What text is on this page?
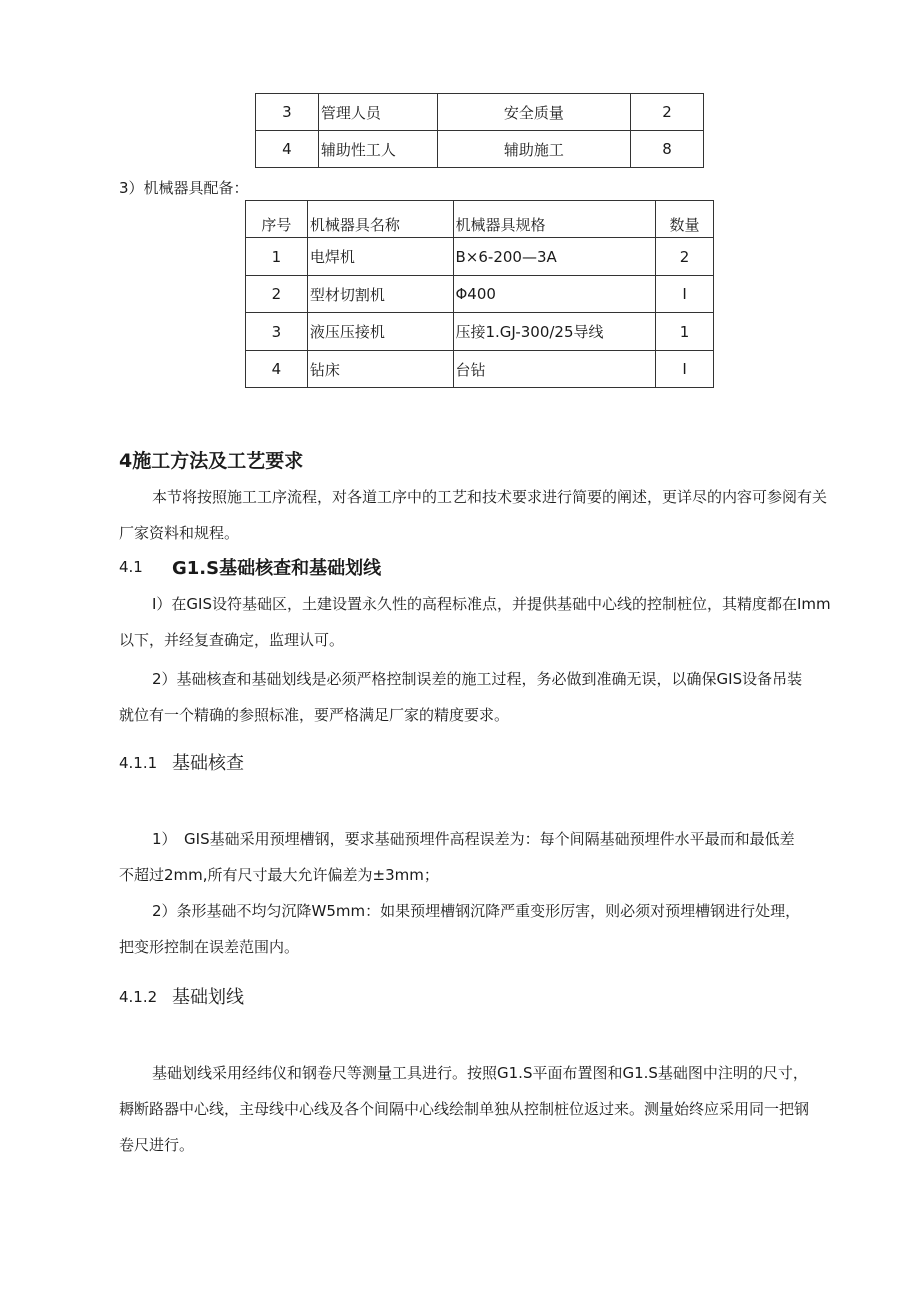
3	管理人员	安全质量	2
4	辅助性工人	辅助施工	8
3）机械器具配备：
序号	机械器具名称	机械器具规格	数量
1	电焊机	B×6-200—3A	2
2	型材切割机	Φ400	I
3	液压压接机	压接1.GJ-300/25导线	1
4	钻床	台钻	I
4施工方法及工艺要求
本节将按照施工工序流程，对各道工序中的工艺和技术要求进行简要的阐述，更详尽的内容可参阅有关
厂家资料和规程。
4.1 G1.S基础核查和基础划线
I）在GIS设符基础区，土建设置永久性的高程标准点，并提供基础中心线的控制桩位，其精度都在Imm
以下，并经复查确定，监理认可。
2）基础核查和基础划线是必须严格控制误差的施工过程，务必做到准确无误，以确保GIS设备吊装
就位有一个精确的参照标准，要严格满足厂家的精度要求。
4.1.1 基础核查
1）　GIS基础采用预埋槽钢，要求基础预埋件高程误差为：每个间隔基础预埋件水平最而和最低差
不超过2mm,所有尺寸最大允许偏差为±3mm；
2）条形基础不均匀沉降W5mm：如果预埋槽钢沉降严重变形厉害，则必须对预埋槽钢进行处理，
把变形控制在误差范围内。
4.1.2 基础划线
基础划线采用经纬仪和钢卷尺等测量工具进行。按照G1.S平面布置图和G1.S基础图中注明的尺寸，
耨断路器中心线，主母线中心线及各个间隔中心线绘制单独从控制桩位返过来。测量始终应采用同一把钢
卷尺进行。
